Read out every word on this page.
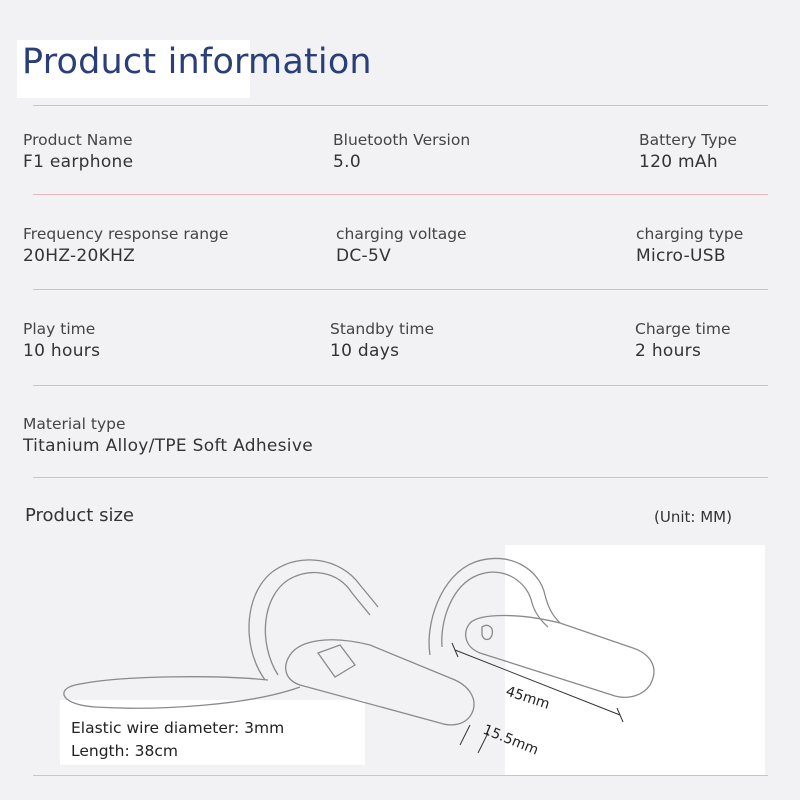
Product information
Product Name
F1 earphone
Bluetooth Version
5.0
Battery Type
120 mAh
Frequency response range
20HZ-20KHZ
charging voltage
DC-5V
charging type
Micro-USB
Play time
10 hours
Standby time
10 days
Charge time
2 hours
Material type
Titanium Alloy/TPE Soft Adhesive
Product size	(Unit: MM)
45mm
15.5mm
Elastic wire diameter: 3mm
Length: 38cm
